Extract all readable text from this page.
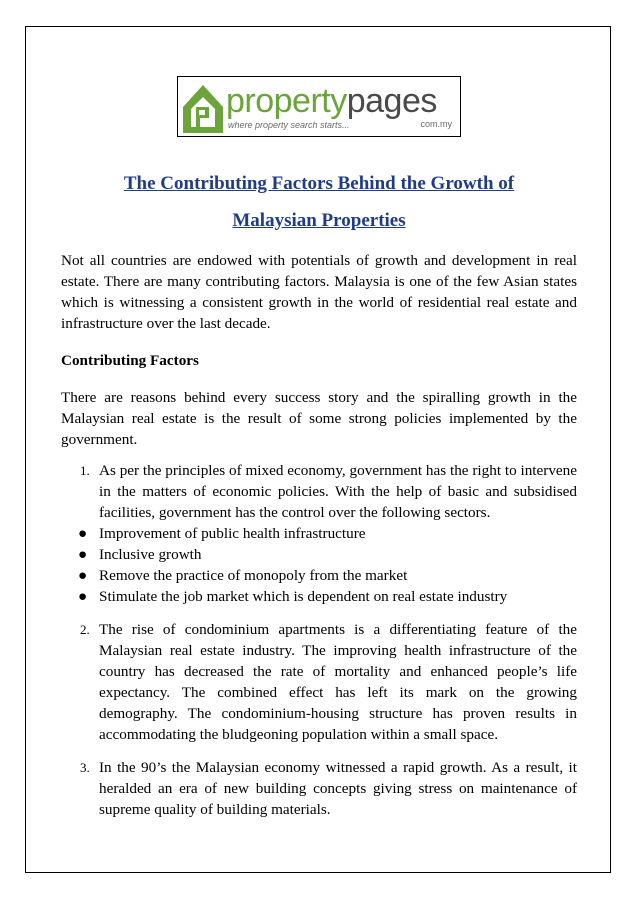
propertypages
where property search starts...	com.my
The Contributing Factors Behind the Growth of
Malaysian Properties

Not all countries are endowed with potentials of growth and development in real estate. There are many contributing factors. Malaysia is one of the few Asian states which is witnessing a consistent growth in the world of residential real estate and infrastructure over the last decade.

Contributing Factors

There are reasons behind every success story and the spiralling growth in the Malaysian real estate is the result of some strong policies implemented by the government.

1. As per the principles of mixed economy, government has the right to intervene in the matters of economic policies. With the help of basic and subsidised facilities, government has the control over the following sectors.
● Improvement of public health infrastructure
● Inclusive growth
● Remove the practice of monopoly from the market
● Stimulate the job market which is dependent on real estate industry
2. The rise of condominium apartments is a differentiating feature of the Malaysian real estate industry. The improving health infrastructure of the country has decreased the rate of mortality and enhanced people’s life expectancy. The combined effect has left its mark on the growing demography. The condominium-housing structure has proven results in accommodating the bludgeoning population within a small space.
3. In the 90’s the Malaysian economy witnessed a rapid growth. As a result, it heralded an era of new building concepts giving stress on maintenance of supreme quality of building materials.
